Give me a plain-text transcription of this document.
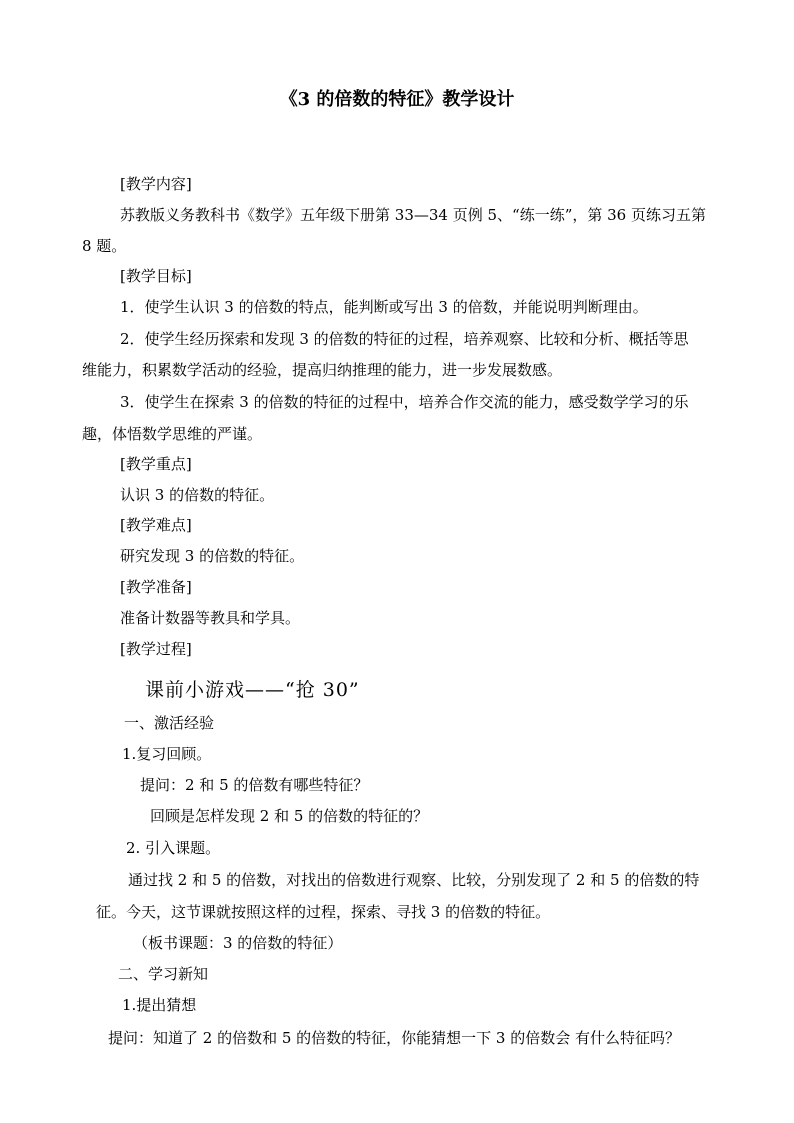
《3 的倍数的特征》教学设计
[教学内容]
苏教版义务教科书《数学》五年级下册第 33—34 页例 5、“练一练”，第 36 页练习五第
8 题。
[教学目标]
1．使学生认识 3 的倍数的特点，能判断或写出 3 的倍数，并能说明判断理由。
2．使学生经历探索和发现 3 的倍数的特征的过程，培养观察、比较和分析、概括等思
维能力，积累数学活动的经验，提高归纳推理的能力，进一步发展数感。
3．使学生在探索 3 的倍数的特征的过程中，培养合作交流的能力，感受数学学习的乐
趣，体悟数学思维的严谨。
[教学重点]
认识 3 的倍数的特征。
[教学难点]
研究发现 3 的倍数的特征。
[教学准备]
准备计数器等教具和学具。
[教学过程]
课前小游戏——“抢 30”
一、激活经验
1.复习回顾。
提问：2 和 5 的倍数有哪些特征？
回顾是怎样发现 2 和 5 的倍数的特征的？
2. 引入课题。
通过找 2 和 5 的倍数，对找出的倍数进行观察、比较，分别发现了 2 和 5 的倍数的特
征。今天，这节课就按照这样的过程，探索、寻找 3 的倍数的特征。
（板书课题：3 的倍数的特征）
二、学习新知
1.提出猜想
提问：知道了 2 的倍数和 5 的倍数的特征，你能猜想一下 3 的倍数会 有什么特征吗？
